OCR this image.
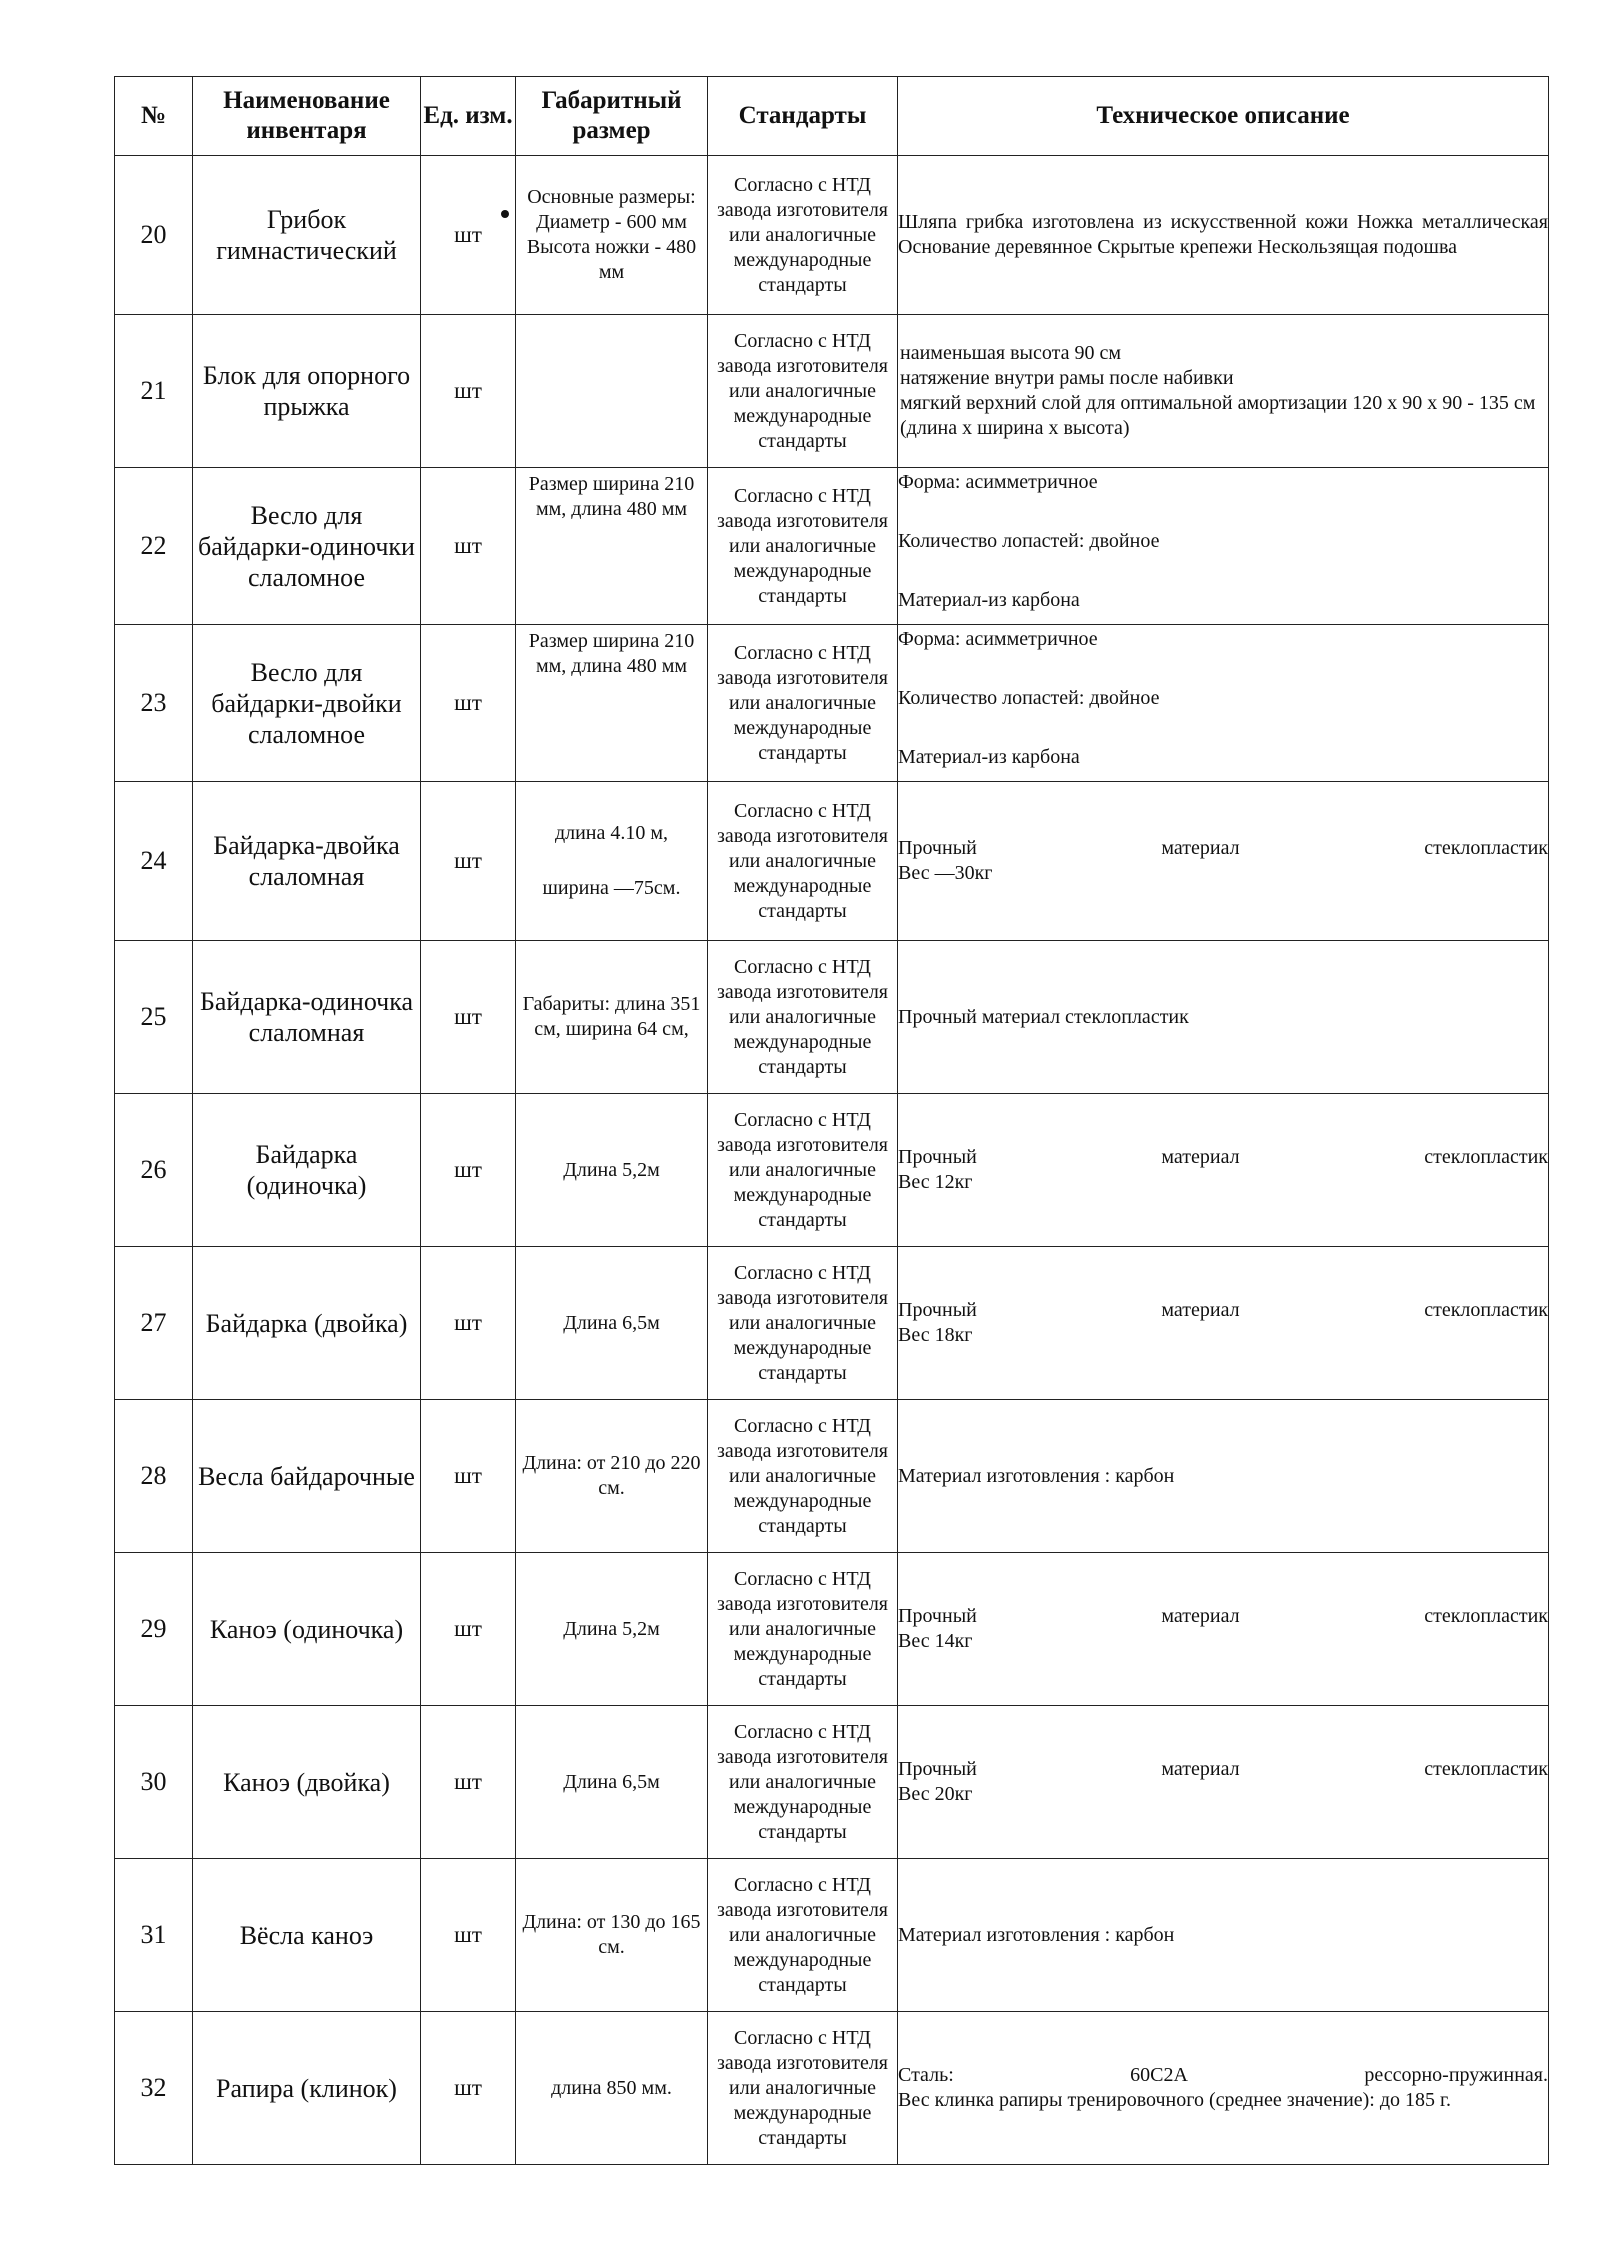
№	Наименование инвентаря	Ед. изм.	Габаритный размер	Стандарты	Техническое описание
20	Грибок гимнастический	шт	Основные размеры:
Диаметр - 600 мм
Высота ножки - 480 мм	Согласно с НТД завода изготовителя или аналогичные международные стандарты	Шляпа грибка изготовлена из искусственной кожи Ножка металлическая Основание деревянное Скрытые крепежи Нескользящая подошва

21	Блок для опорного прыжка	шт		Согласно с НТД завода изготовителя или аналогичные международные стандарты	наименьшая высота 90 см
натяжение внутри рамы после набивки
мягкий верхний слой для оптимальной амортизации 120 х 90 х 90 - 135 см (длина х ширина х высота)

22	Весло для байдарки-одиночки слаломное	шт	Размер ширина 210 мм, длина 480 мм	Согласно с НТД завода изготовителя или аналогичные международные стандарты	Форма: асимметричное
Количество лопастей: двойное
Материал-из карбона

23	Весло для байдарки-двойки слаломное	шт	Размер ширина 210 мм, длина 480 мм	Согласно с НТД завода изготовителя или аналогичные международные стандарты	Форма: асимметричное
Количество лопастей: двойное
Материал-из карбона

24	Байдарка-двойка слаломная	шт	длина 4.10 м,
ширина —75см.	Согласно с НТД завода изготовителя или аналогичные международные стандарты	Прочный материал стеклопластик
Вес —30кг

25	Байдарка-одиночка слаломная	шт	Габариты: длина 351 см, ширина 64 см,	Согласно с НТД завода изготовителя или аналогичные международные стандарты	Прочный материал стеклопластик

26	Байдарка (одиночка)	шт	Длина 5,2м	Согласно с НТД завода изготовителя или аналогичные международные стандарты	Прочный материал стеклопластик
Вес 12кг

27	Байдарка (двойка)	шт	Длина 6,5м	Согласно с НТД завода изготовителя или аналогичные международные стандарты	Прочный материал стеклопластик
Вес 18кг

28	Весла байдарочные	шт	Длина: от 210 до 220 см.	Согласно с НТД завода изготовителя или аналогичные международные стандарты	Материал изготовления : карбон

29	Каноэ (одиночка)	шт	Длина 5,2м	Согласно с НТД завода изготовителя или аналогичные международные стандарты	Прочный материал стеклопластик
Вес 14кг

30	Каноэ (двойка)	шт	Длина 6,5м	Согласно с НТД завода изготовителя или аналогичные международные стандарты	Прочный материал стеклопластик
Вес 20кг

31	Вёсла каноэ	шт	Длина: от 130 до 165 см.	Согласно с НТД завода изготовителя или аналогичные международные стандарты	Материал изготовления : карбон

32	Рапира (клинок)	шт	длина 850 мм.	Согласно с НТД завода изготовителя или аналогичные международные стандарты	Сталь: 60С2А рессорно-пружинная.
Вес клинка рапиры тренировочного (среднее значение): до 185 г.
